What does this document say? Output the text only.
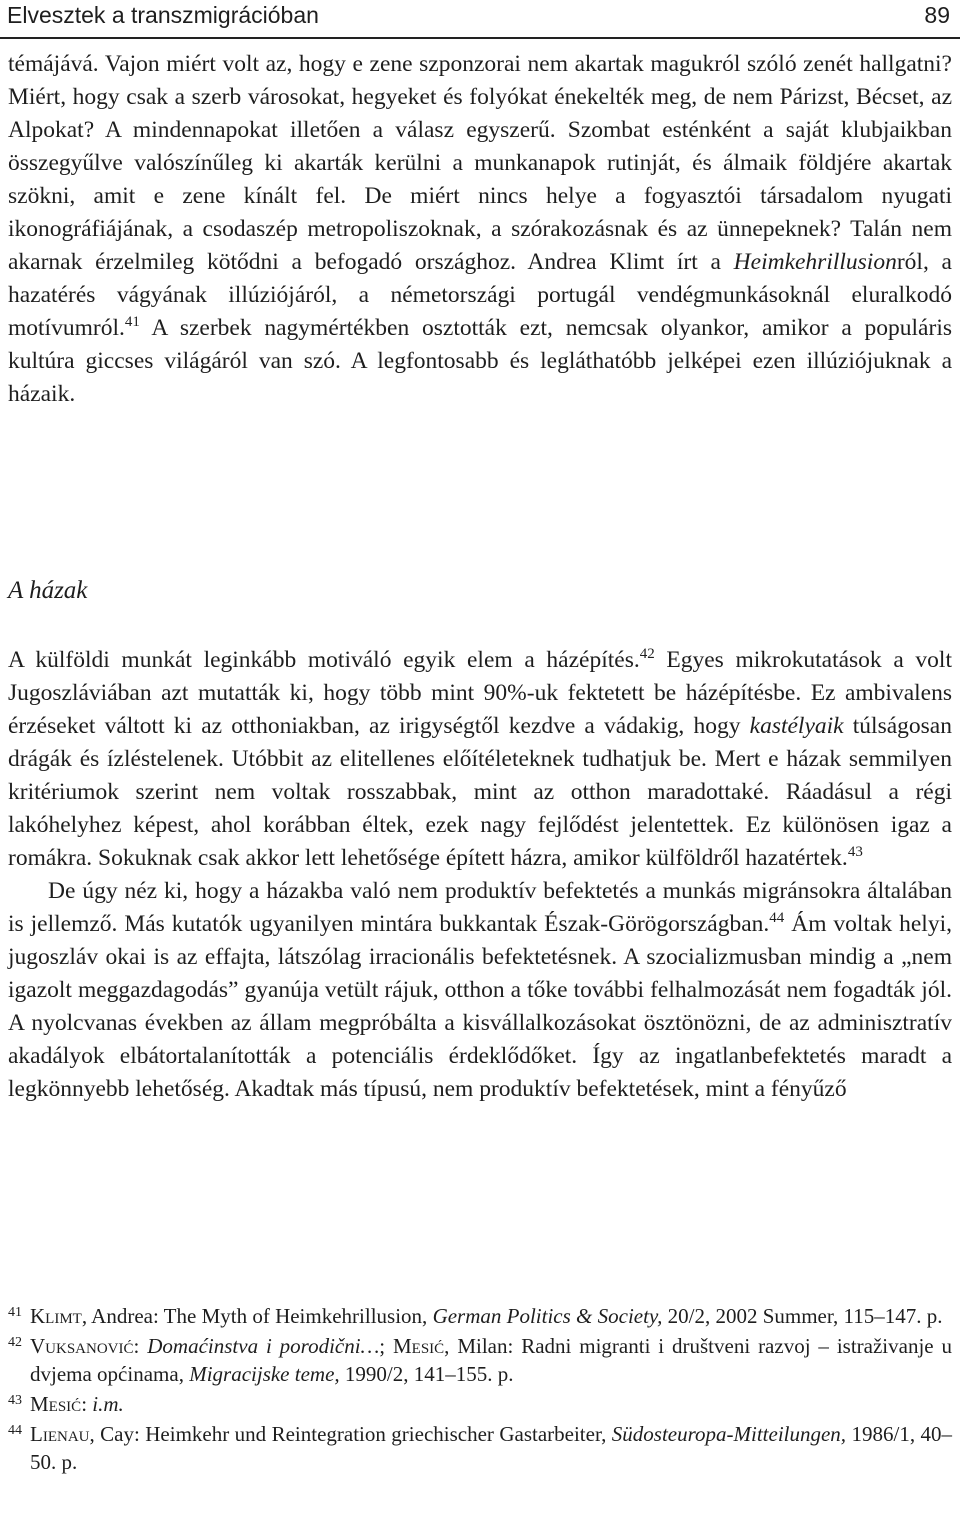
Elvesztek a transzmigrációban	89

témájává. Vajon miért volt az, hogy e zene szponzorai nem akartak magukról szóló zenét hallgatni? Miért, hogy csak a szerb városokat, hegyeket és folyókat énekelték meg, de nem Párizst, Bécset, az Alpokat? A mindennapokat illetően a válasz egyszerű. Szombat esténként a saját klubjaikban összegyűlve valószínűleg ki akarták kerülni a munkanapok rutinját, és álmaik földjére akartak szökni, amit e zene kínált fel. De miért nincs helye a fogyasztói társadalom nyugati ikonográfiájának, a csodaszép metropoliszoknak, a szórakozásnak és az ünnepeknek? Talán nem akarnak érzelmileg kötődni a befogadó országhoz. Andrea Klimt írt a Heimkehrillusionról, a hazatérés vágyának illúziójáról, a németországi portugál vendégmunkásoknál eluralkodó motívumról.$^{41}$ A szerbek nagymértékben osztották ezt, nemcsak olyankor, amikor a populáris kultúra giccses világáról van szó. A legfontosabb és legláthatóbb jelképei ezen illúziójuknak a házaik.

A házak

A külföldi munkát leginkább motiváló egyik elem a házépítés.$^{42}$ Egyes mikrokutatások a volt Jugoszláviában azt mutatták ki, hogy több mint 90%-uk fektetett be házépítésbe. Ez ambivalens érzéseket váltott ki az otthoniakban, az irigységtől kezdve a vádakig, hogy kastélyaik túlságosan drágák és ízléstelenek. Utóbbit az elitellenes előítéleteknek tudhatjuk be. Mert e házak semmilyen kritériumok szerint nem voltak rosszabbak, mint az otthon maradottaké. Ráadásul a régi lakóhelyhez képest, ahol korábban éltek, ezek nagy fejlődést jelentettek. Ez különösen igaz a romákra. Sokuknak csak akkor lett lehetősége épített házra, amikor külföldről hazatértek.$^{43}$

De úgy néz ki, hogy a házakba való nem produktív befektetés a munkás migránsokra általában is jellemző. Más kutatók ugyanilyen mintára bukkantak Észak-Görögországban.$^{44}$ Ám voltak helyi, jugoszláv okai is az effajta, látszólag irracionális befektetésnek. A szocializmusban mindig a „nem igazolt meggazdagodás” gyanúja vetült rájuk, otthon a tőke további felhalmozását nem fogadták jól. A nyolcvanas években az állam megpróbálta a kisvállalkozásokat ösztönözni, de az adminisztratív akadályok elbátortalanították a potenciális érdeklődőket. Így az ingatlanbefektetés maradt a legkönnyebb lehetőség. Akadtak más típusú, nem produktív befektetések, mint a fényűző

41 Klimt, Andrea: The Myth of Heimkehrillusion, German Politics & Society, 20/2, 2002 Summer, 115–147. p.

42 Vuksanović: Domaćinstva i porodični…; Mesić, Milan: Radni migranti i društveni razvoj – istraživanje u dvjema općinama, Migracijske teme, 1990/2, 141–155. p.

43 Mesić: i.m.

44 Lienau, Cay: Heimkehr und Reintegration griechischer Gastarbeiter, Südosteuropa-Mitteilungen, 1986/1, 40–50. p.
